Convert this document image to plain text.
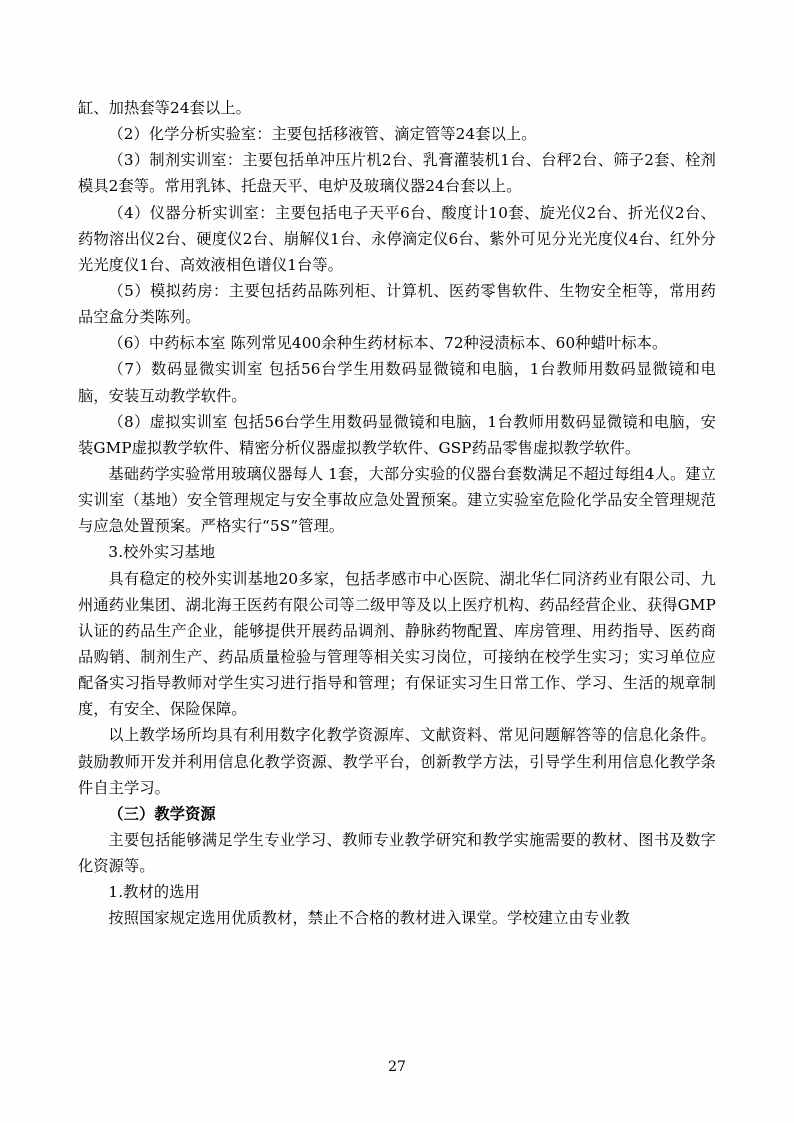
缸、加热套等24套以上。

（2）化学分析实验室：主要包括移液管、滴定管等24套以上。

（3）制剂实训室：主要包括单冲压片机2台、乳膏灌装机1台、台秤2台、筛子2套、栓剂模具2套等。常用乳钵、托盘天平、电炉及玻璃仪器24台套以上。

（4）仪器分析实训室：主要包括电子天平6台、酸度计10套、旋光仪2台、折光仪2台、药物溶出仪2台、硬度仪2台、崩解仪1台、永停滴定仪6台、紫外可见分光光度仪4台、红外分光光度仪1台、高效液相色谱仪1台等。

（5）模拟药房：主要包括药品陈列柜、计算机、医药零售软件、生物安全柜等，常用药品空盒分类陈列。

（6）中药标本室 陈列常见400余种生药材标本、72种浸渍标本、60种蜡叶标本。

（7）数码显微实训室 包括56台学生用数码显微镜和电脑，1台教师用数码显微镜和电脑，安装互动教学软件。

（8）虚拟实训室 包括56台学生用数码显微镜和电脑，1台教师用数码显微镜和电脑，安装GMP虚拟教学软件、精密分析仪器虚拟教学软件、GSP药品零售虚拟教学软件。

基础药学实验常用玻璃仪器每人 1套，大部分实验的仪器台套数满足不超过每组4人。建立实训室（基地）安全管理规定与安全事故应急处置预案。建立实验室危险化学品安全管理规范与应急处置预案。严格实行“5S”管理。

3.校外实习基地

具有稳定的校外实训基地20多家，包括孝感市中心医院、湖北华仁同济药业有限公司、九州通药业集团、湖北海王医药有限公司等二级甲等及以上医疗机构、药品经营企业、获得GMP认证的药品生产企业，能够提供开展药品调剂、静脉药物配置、库房管理、用药指导、医药商品购销、制剂生产、药品质量检验与管理等相关实习岗位，可接纳在校学生实习；实习单位应配备实习指导教师对学生实习进行指导和管理；有保证实习生日常工作、学习、生活的规章制度，有安全、保险保障。

以上教学场所均具有利用数字化教学资源库、文献资料、常见问题解答等的信息化条件。鼓励教师开发并利用信息化教学资源、教学平台，创新教学方法，引导学生利用信息化教学条件自主学习。

（三）教学资源

主要包括能够满足学生专业学习、教师专业教学研究和教学实施需要的教材、图书及数字化资源等。

1.教材的选用

按照国家规定选用优质教材，禁止不合格的教材进入课堂。学校建立由专业教

27
